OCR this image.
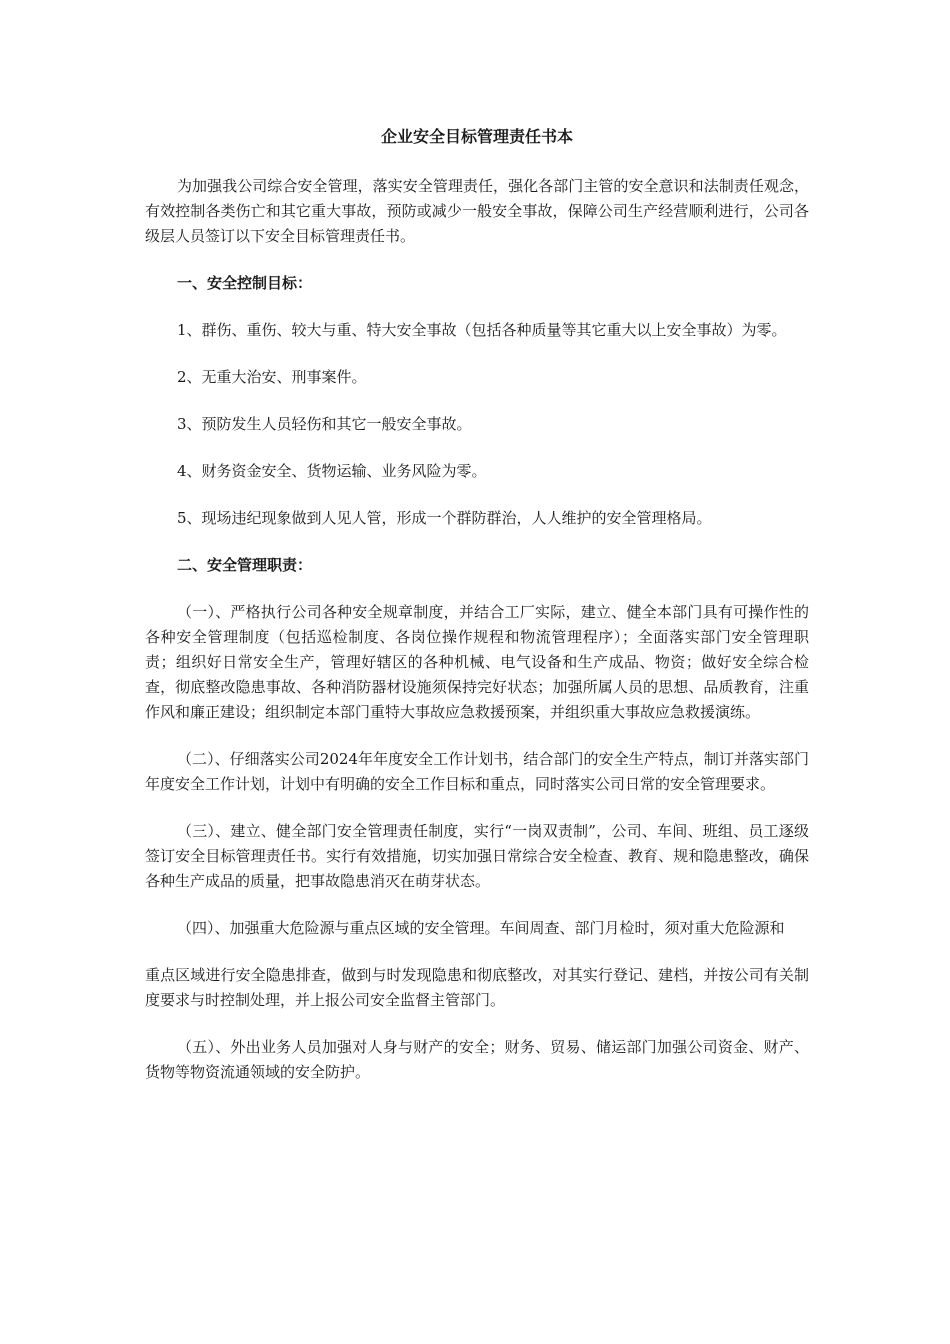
企业安全目标管理责任书本

为加强我公司综合安全管理，落实安全管理责任，强化各部门主管的安全意识和法制责任观念，有效控制各类伤亡和其它重大事故，预防或减少一般安全事故，保障公司生产经营顺利进行，公司各级层人员签订以下安全目标管理责任书。

一、安全控制目标：

1、群伤、重伤、较大与重、特大安全事故（包括各种质量等其它重大以上安全事故）为零。

2、无重大治安、刑事案件。

3、预防发生人员轻伤和其它一般安全事故。

4、财务资金安全、货物运输、业务风险为零。

5、现场违纪现象做到人见人管，形成一个群防群治，人人维护的安全管理格局。

二、安全管理职责：

（一）、严格执行公司各种安全规章制度，并结合工厂实际，建立、健全本部门具有可操作性的各种安全管理制度（包括巡检制度、各岗位操作规程和物流管理程序）；全面落实部门安全管理职责；组织好日常安全生产，管理好辖区的各种机械、电气设备和生产成品、物资；做好安全综合检查，彻底整改隐患事故、各种消防器材设施须保持完好状态；加强所属人员的思想、品质教育，注重作风和廉正建设；组织制定本部门重特大事故应急救援预案，并组织重大事故应急救援演练。

（二）、仔细落实公司2024年年度安全工作计划书，结合部门的安全生产特点，制订并落实部门年度安全工作计划，计划中有明确的安全工作目标和重点，同时落实公司日常的安全管理要求。

（三）、建立、健全部门安全管理责任制度，实行“一岗双责制”，公司、车间、班组、员工逐级签订安全目标管理责任书。实行有效措施，切实加强日常综合安全检查、教育、规和隐患整改，确保各种生产成品的质量，把事故隐患消灭在萌芽状态。

（四）、加强重大危险源与重点区域的安全管理。车间周查、部门月检时，须对重大危险源和

重点区域进行安全隐患排查，做到与时发现隐患和彻底整改，对其实行登记、建档，并按公司有关制度要求与时控制处理，并上报公司安全监督主管部门。

（五）、外出业务人员加强对人身与财产的安全；财务、贸易、储运部门加强公司资金、财产、货物等物资流通领域的安全防护。
